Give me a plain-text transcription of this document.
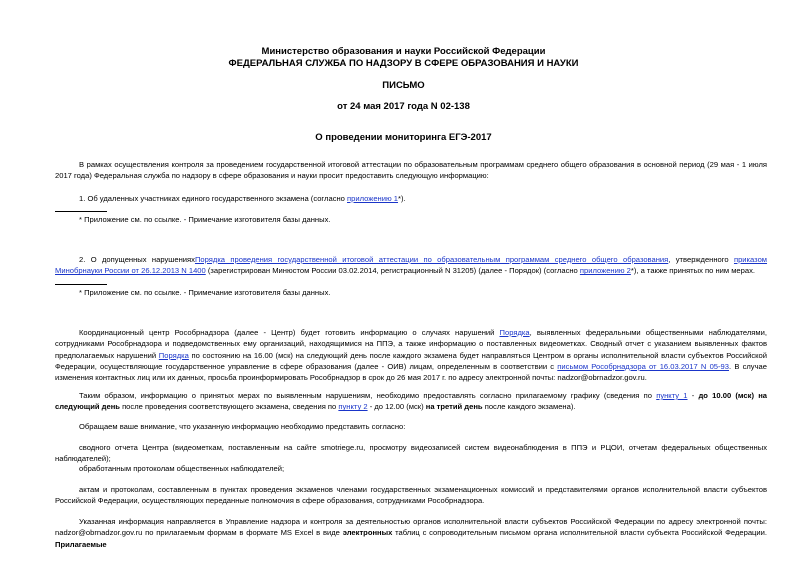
Министерство образования и науки Российской Федерации
ФЕДЕРАЛЬНАЯ СЛУЖБА ПО НАДЗОРУ В СФЕРЕ ОБРАЗОВАНИЯ И НАУКИ
ПИСЬМО
от 24 мая 2017 года N 02-138
О проведении мониторинга ЕГЭ-2017
В рамках осуществления контроля за проведением государственной итоговой аттестации по образовательным программам среднего общего образования в основной период (29 мая - 1 июля 2017 года) Федеральная служба по надзору в сфере образования и науки просит предоставить следующую информацию:
1. Об удаленных участниках единого государственного экзамена (согласно приложению 1*).
* Приложение см. по ссылке. - Примечание изготовителя базы данных.
2. О допущенных нарушенияхПорядка проведения государственной итоговой аттестации по образовательным программам среднего общего образования, утвержденного приказом Минобрнауки России от 26.12.2013 N 1400 (зарегистрирован Минюстом России 03.02.2014, регистрационный N 31205) (далее - Порядок) (согласно приложению 2*), а также принятых по ним мерах.
* Приложение см. по ссылке. - Примечание изготовителя базы данных.
Координационный центр Рособрнадзора (далее - Центр) будет готовить информацию о случаях нарушений Порядка, выявленных федеральными общественными наблюдателями, сотрудниками Рособрнадзора и подведомственных ему организаций, находящимися на ППЭ, а также информацию о поставленных видеометках. Сводный отчет с указанием выявленных фактов предполагаемых нарушений Порядка по состоянию на 16.00 (мск) на следующий день после каждого экзамена будет направляться Центром в органы исполнительной власти субъектов Российской Федерации, осуществляющие государственное управление в сфере образования (далее - ОИВ) лицам, определенным в соответствии с письмом Рособрнадзора от 16.03.2017 N 05-93. В случае изменения контактных лиц или их данных, просьба проинформировать Рособрнадзор в срок до 26 мая 2017 г. по адресу электронной почты: nadzor@obrnadzor.gov.ru.
Таким образом, информацию о принятых мерах по выявленным нарушениям, необходимо предоставлять согласно прилагаемому графику (сведения по пункту 1 - до 10.00 (мск) на следующий день после проведения соответствующего экзамена, сведения по пункту 2 - до 12.00 (мск) на третий день после каждого экзамена).
Обращаем ваше внимание, что указанную информацию необходимо представить согласно:
сводного отчета Центра (видеометкам, поставленным на сайте smotriege.ru, просмотру видеозаписей систем видеонаблюдения в ППЭ и РЦОИ, отчетам федеральных общественных наблюдателей);
обработанным протоколам общественных наблюдателей;
актам и протоколам, составленным в пунктах проведения экзаменов членами государственных экзаменационных комиссий и представителями органов исполнительной власти субъектов Российской Федерации, осуществляющих переданные полномочия в сфере образования, сотрудниками Рособрнадзора.
Указанная информация направляется в Управление надзора и контроля за деятельностью органов исполнительной власти субъектов Российской Федерации по адресу электронной почты: nadzor@obrnadzor.gov.ru по прилагаемым формам в формате MS Excel в виде электронных таблиц с сопроводительным письмом органа исполнительной власти субъекта Российской Федерации. Прилагаемые
